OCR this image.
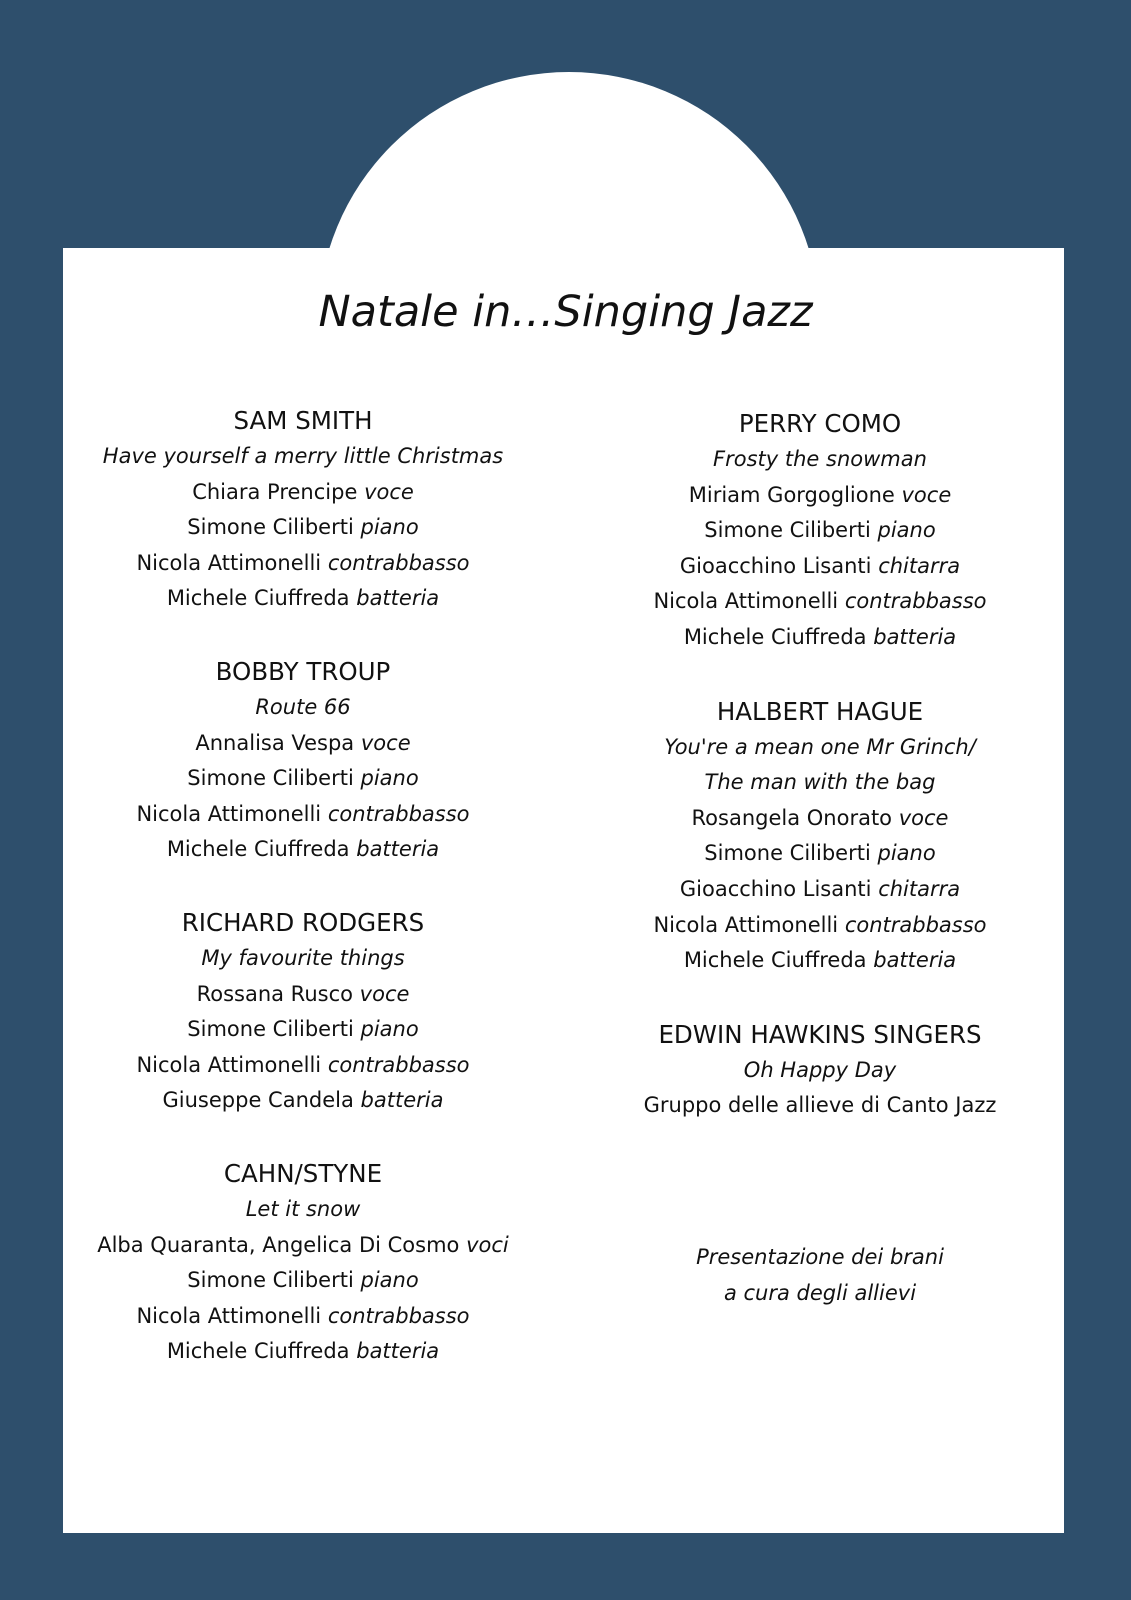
Natale in…Singing Jazz
SAM SMITH
Have yourself a merry little Christmas
Chiara Prencipe voce
Simone Ciliberti piano
Nicola Attimonelli contrabbasso
Michele Ciuffreda batteria
BOBBY TROUP
Route 66
Annalisa Vespa voce
Simone Ciliberti piano
Nicola Attimonelli contrabbasso
Michele Ciuffreda batteria
RICHARD RODGERS
My favourite things
Rossana Rusco voce
Simone Ciliberti piano
Nicola Attimonelli contrabbasso
Giuseppe Candela batteria
CAHN/STYNE
Let it snow
Alba Quaranta, Angelica Di Cosmo voci
Simone Ciliberti piano
Nicola Attimonelli contrabbasso
Michele Ciuffreda batteria
PERRY COMO
Frosty the snowman
Miriam Gorgoglione voce
Simone Ciliberti piano
Gioacchino Lisanti chitarra
Nicola Attimonelli contrabbasso
Michele Ciuffreda batteria
HALBERT HAGUE
You're a mean one Mr Grinch/
The man with the bag
Rosangela Onorato voce
Simone Ciliberti piano
Gioacchino Lisanti chitarra
Nicola Attimonelli contrabbasso
Michele Ciuffreda batteria
EDWIN HAWKINS SINGERS
Oh Happy Day
Gruppo delle allieve di Canto Jazz
Presentazione dei brani
a cura degli allievi
